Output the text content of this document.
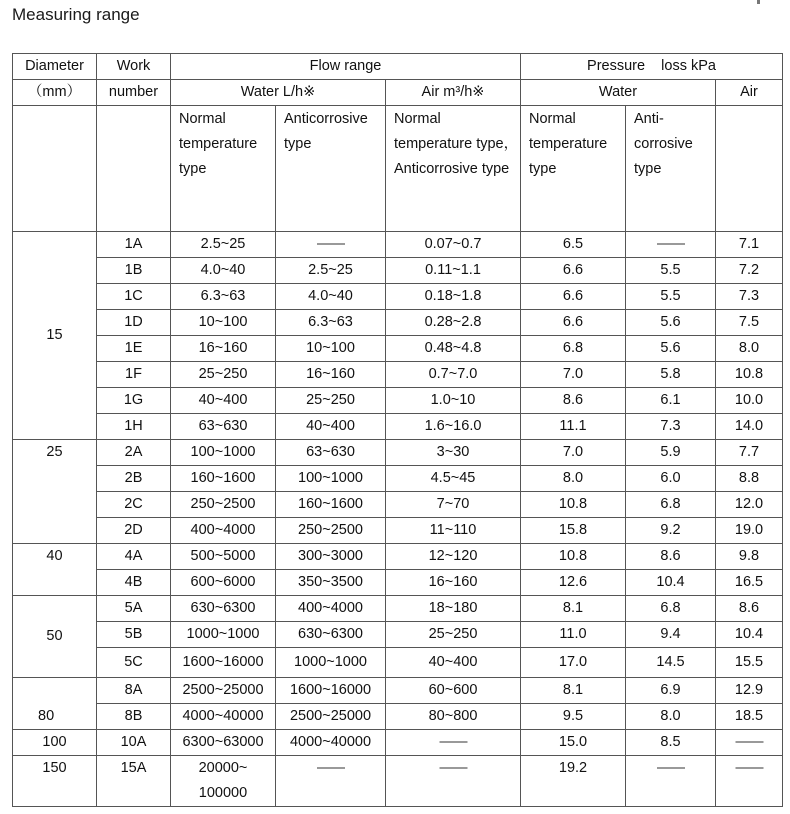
Measuring range
Diameter	Work	Flow range			Pressure    loss kPa		
（mm）	number	Water L/h※		Air m³/h※	Water		Air
		Normal temperature type	Anticorrosive type	Normal temperature type，Anticorrosive type	Normal temperature type	Anti-corrosive type	
15	1A	2.5~25	——	0.07~0.7	6.5	——	7.1
	1B	4.0~40	2.5~25	0.11~1.1	6.6	5.5	7.2
	1C	6.3~63	4.0~40	0.18~1.8	6.6	5.5	7.3
	1D	10~100	6.3~63	0.28~2.8	6.6	5.6	7.5
	1E	16~160	10~100	0.48~4.8	6.8	5.6	8.0
	1F	25~250	16~160	0.7~7.0	7.0	5.8	10.8
	1G	40~400	25~250	1.0~10	8.6	6.1	10.0
	1H	63~630	40~400	1.6~16.0	11.1	7.3	14.0
25	2A	100~1000	63~630	3~30	7.0	5.9	7.7
	2B	160~1600	100~1000	4.5~45	8.0	6.0	8.8
	2C	250~2500	160~1600	7~70	10.8	6.8	12.0
	2D	400~4000	250~2500	11~110	15.8	9.2	19.0
40	4A	500~5000	300~3000	12~120	10.8	8.6	9.8
	4B	600~6000	350~3500	16~160	12.6	10.4	16.5
50	5A	630~6300	400~4000	18~180	8.1	6.8	8.6
	5B	1000~1000	630~6300	25~250	11.0	9.4	10.4
	5C	1600~16000	1000~1000	40~400	17.0	14.5	15.5
80	8A	2500~25000	1600~16000	60~600	8.1	6.9	12.9
	8B	4000~40000	2500~25000	80~800	9.5	8.0	18.5
100	10A	6300~63000	4000~40000	——	15.0	8.5	——
150	15A	20000~ 100000	——	——	19.2	——	——
